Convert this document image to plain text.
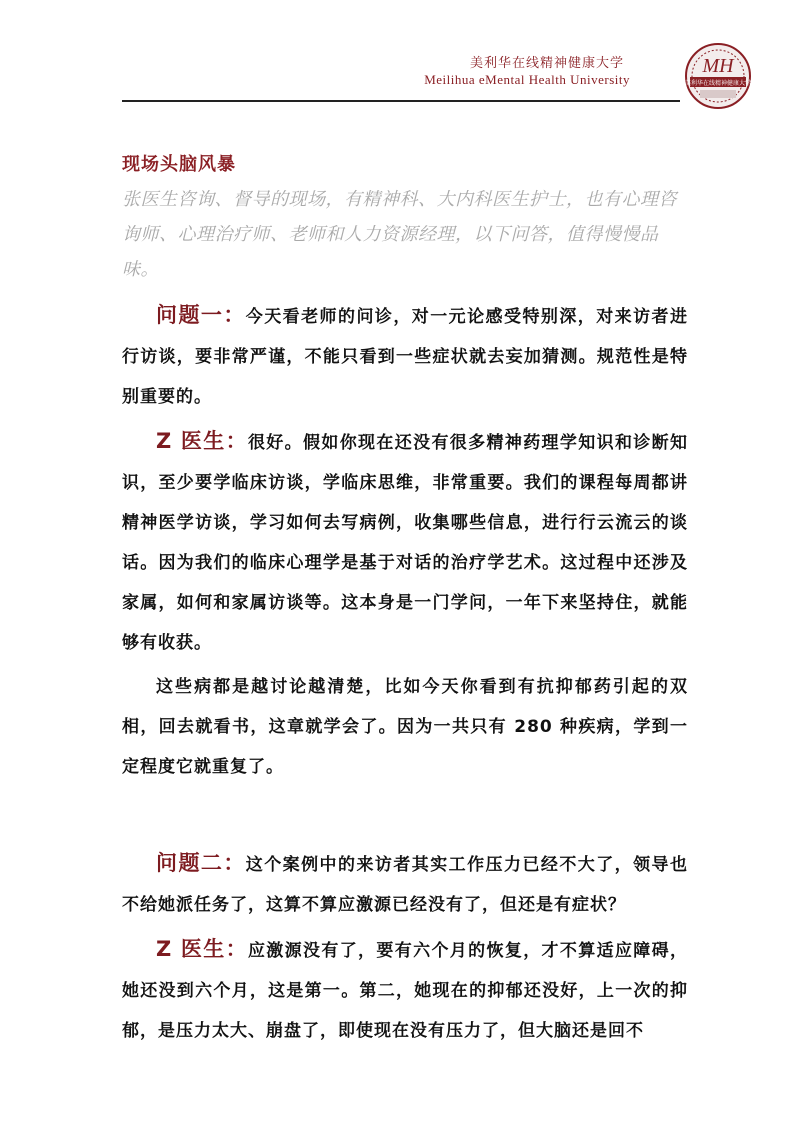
美利华在线精神健康大学
Meilihua eMental Health University
MH
美利华在线精神健康大学
现场头脑风暴

张医生咨询、督导的现场，有精神科、大内科医生护士，也有心理咨询师、心理治疗师、老师和人力资源经理，以下问答，值得慢慢品味。

问题一：今天看老师的问诊，对一元论感受特别深，对来访者进行访谈，要非常严谨，不能只看到一些症状就去妄加猜测。规范性是特别重要的。

Z 医生：很好。假如你现在还没有很多精神药理学知识和诊断知识，至少要学临床访谈，学临床思维，非常重要。我们的课程每周都讲精神医学访谈，学习如何去写病例，收集哪些信息，进行行云流云的谈话。因为我们的临床心理学是基于对话的治疗学艺术。这过程中还涉及家属，如何和家属访谈等。这本身是一门学问，一年下来坚持住，就能够有收获。

这些病都是越讨论越清楚，比如今天你看到有抗抑郁药引起的双相，回去就看书，这章就学会了。因为一共只有 280 种疾病，学到一定程度它就重复了。

问题二：这个案例中的来访者其实工作压力已经不大了，领导也不给她派任务了，这算不算应激源已经没有了，但还是有症状？

Z 医生：应激源没有了，要有六个月的恢复，才不算适应障碍，她还没到六个月，这是第一。第二，她现在的抑郁还没好，上一次的抑郁，是压力太大、崩盘了，即使现在没有压力了，但大脑还是回不
